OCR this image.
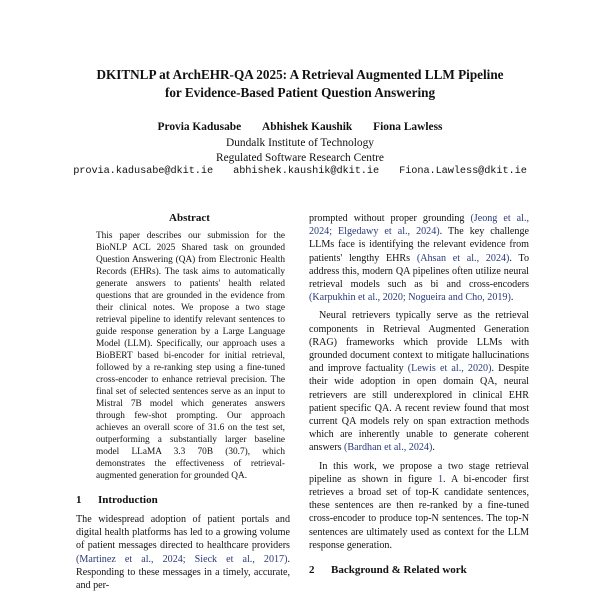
DKITNLP at ArchEHR-QA 2025: A Retrieval Augmented LLM Pipeline
for Evidence-Based Patient Question Answering
Provia Kadusabe Abhishek Kaushik Fiona Lawless
Dundalk Institute of Technology
Regulated Software Research Centre
provia.kadusabe@dkit.ie abhishek.kaushik@dkit.ie Fiona.Lawless@dkit.ie
Abstract

This paper describes our submission for the BioNLP ACL 2025 Shared task on grounded Question Answering (QA) from Electronic Health Records (EHRs). The task aims to automatically generate answers to patients' health related questions that are grounded in the evidence from their clinical notes. We propose a two stage retrieval pipeline to identify relevant sentences to guide response generation by a Large Language Model (LLM). Specifically, our approach uses a BioBERT based bi-encoder for initial retrieval, followed by a re-ranking step using a fine-tuned cross-encoder to enhance retrieval precision. The final set of selected sentences serve as an input to Mistral 7B model which generates answers through few-shot prompting. Our approach achieves an overall score of 31.6 on the test set, outperforming a substantially larger baseline model LLaMA 3.3 70B (30.7), which demonstrates the effectiveness of retrieval-augmented generation for grounded QA.

1 Introduction

The widespread adoption of patient portals and digital health platforms has led to a growing volume of patient messages directed to healthcare providers (Martinez et al., 2024; Sieck et al., 2017). Responding to these messages in a timely, accurate, and per-

prompted without proper grounding (Jeong et al., 2024; Elgedawy et al., 2024). The key challenge LLMs face is identifying the relevant evidence from patients' lengthy EHRs (Ahsan et al., 2024). To address this, modern QA pipelines often utilize neural retrieval models such as bi and cross-encoders (Karpukhin et al., 2020; Nogueira and Cho, 2019).

Neural retrievers typically serve as the retrieval components in Retrieval Augmented Generation (RAG) frameworks which provide LLMs with grounded document context to mitigate hallucinations and improve factuality (Lewis et al., 2020). Despite their wide adoption in open domain QA, neural retrievers are still underexplored in clinical EHR patient specific QA. A recent review found that most current QA models rely on span extraction methods which are inherently unable to generate coherent answers (Bardhan et al., 2024).

In this work, we propose a two stage retrieval pipeline as shown in figure 1. A bi-encoder first retrieves a broad set of top-K candidate sentences, these sentences are then re-ranked by a fine-tuned cross-encoder to produce top-N sentences. The top-N sentences are ultimately used as context for the LLM response generation.

2 Background & Related work
